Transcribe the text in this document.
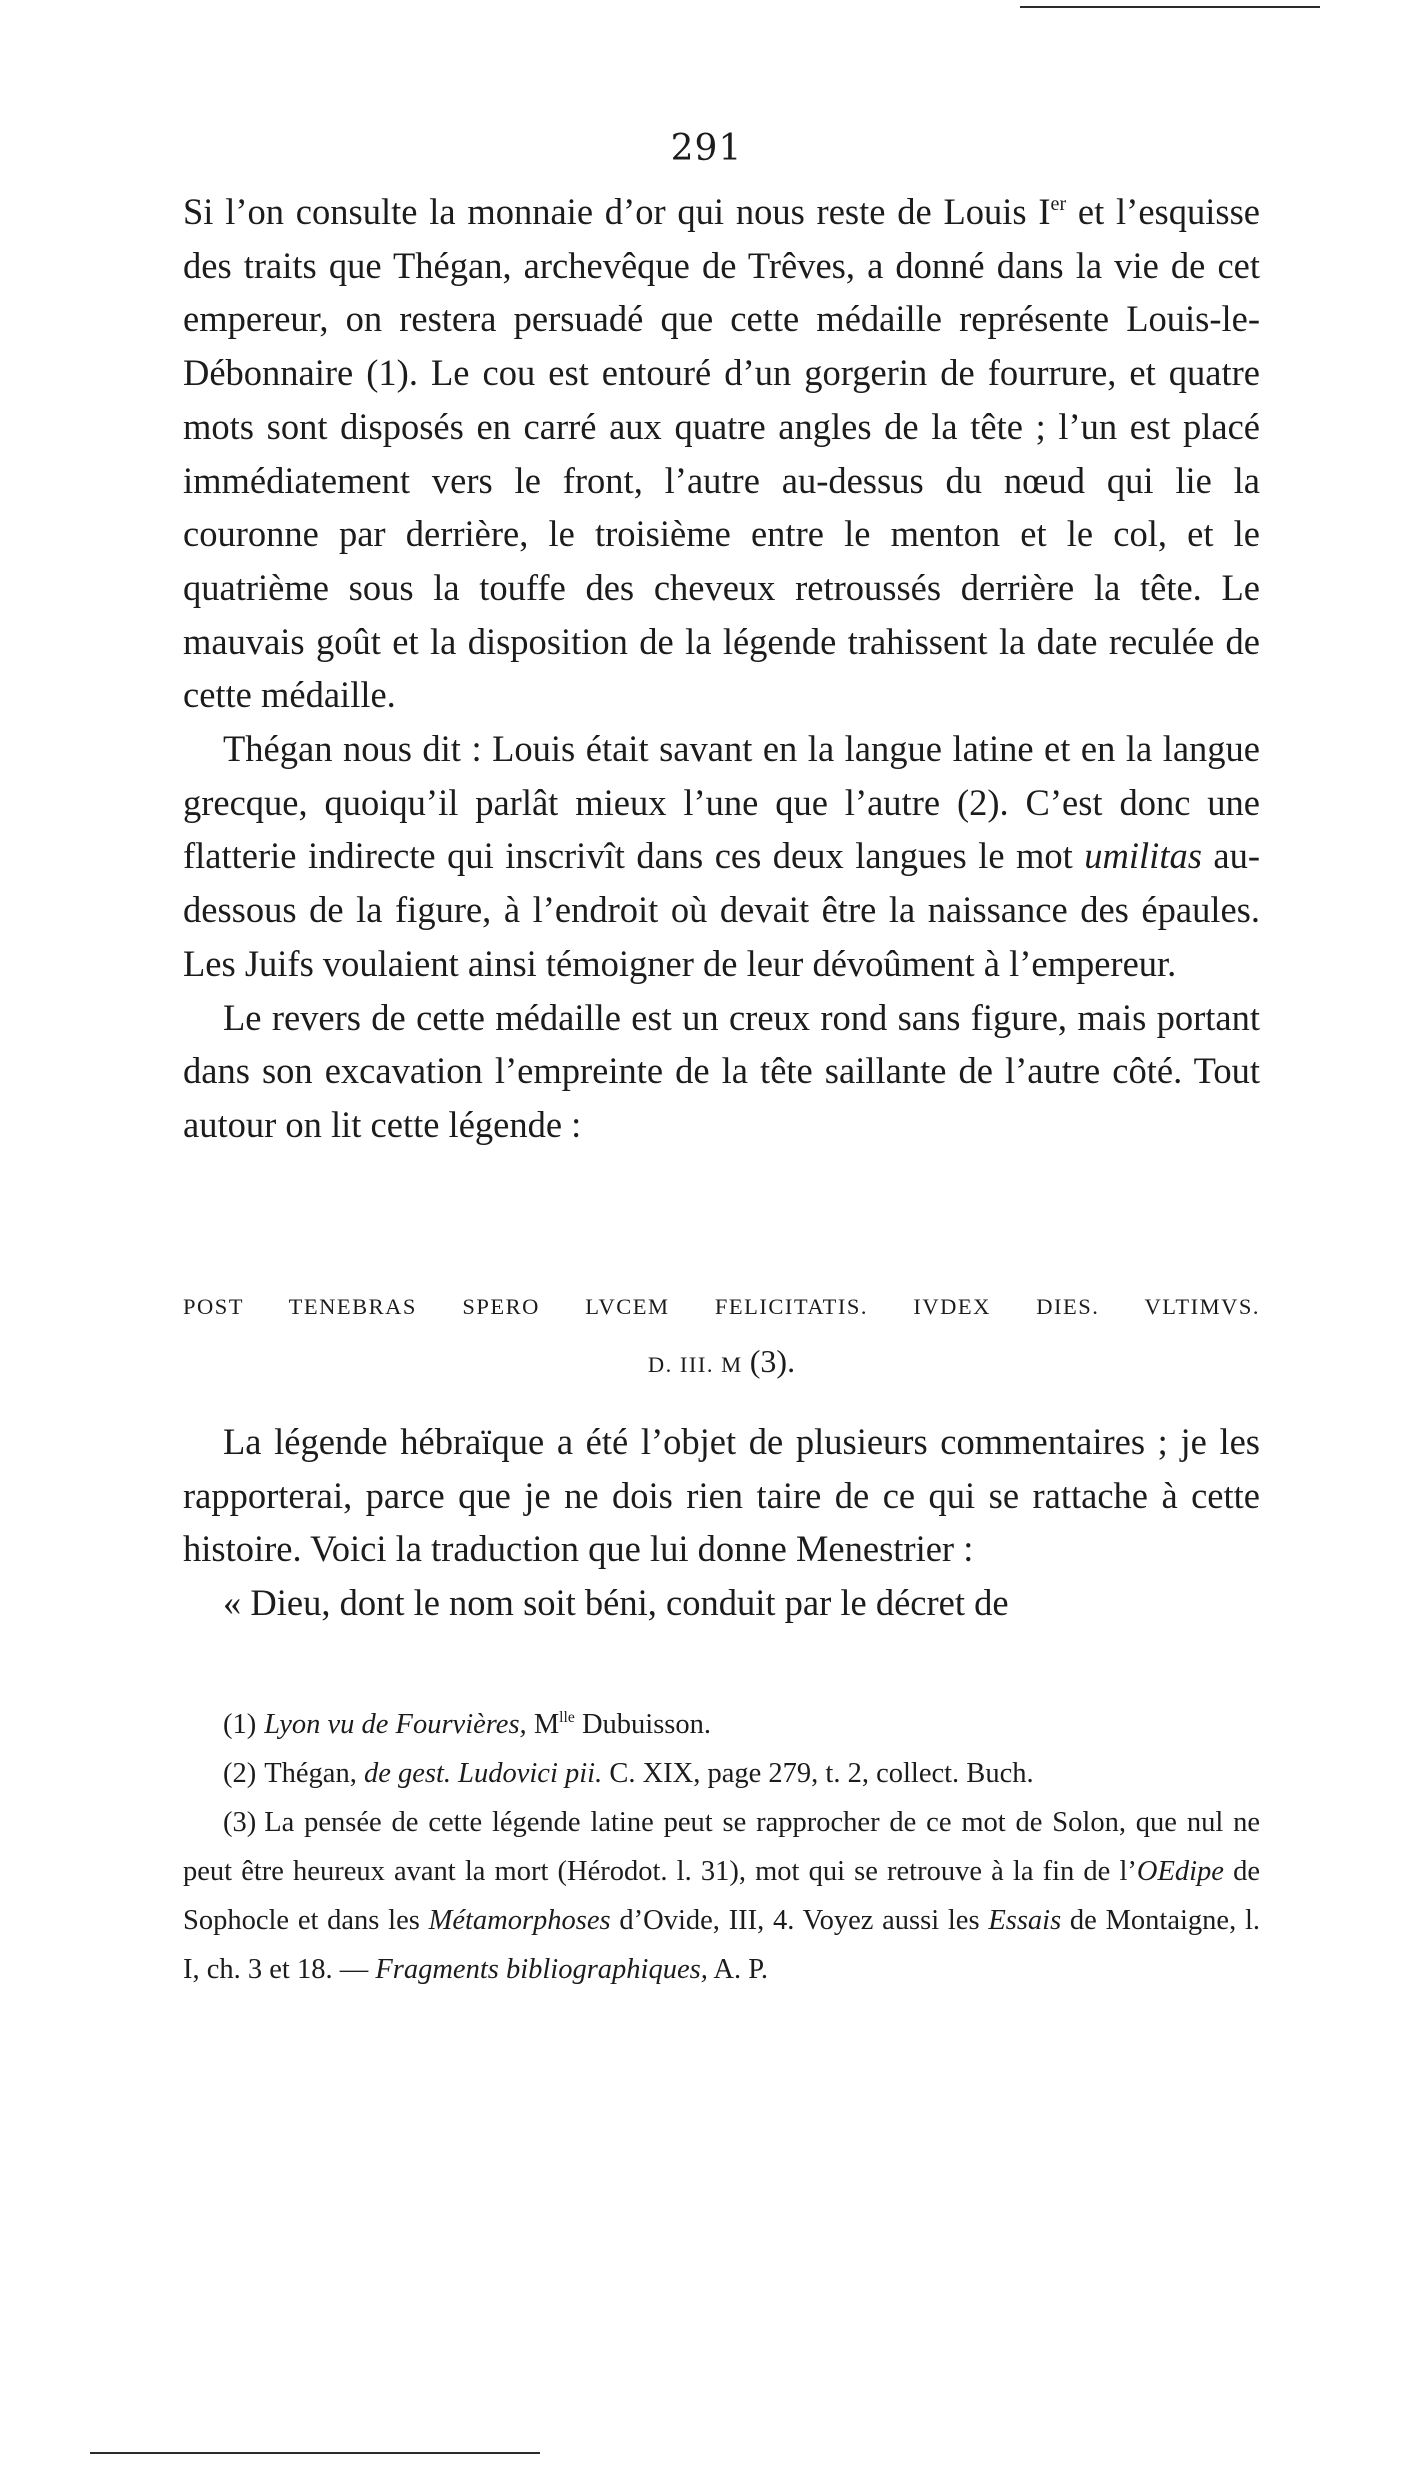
291

Si l’on consulte la monnaie d’or qui nous reste de Louis Ier et l’esquisse des traits que Thégan, archevêque de Trêves, a donné dans la vie de cet empereur, on restera persuadé que cette médaille représente Louis-le-Débonnaire (1). Le cou est entouré d’un gorgerin de fourrure, et quatre mots sont disposés en carré aux quatre angles de la tête ; l’un est placé immédiatement vers le front, l’autre au-dessus du nœud qui lie la couronne par derrière, le troisième entre le menton et le col, et le quatrième sous la touffe des cheveux retroussés derrière la tête. Le mauvais goût et la disposition de la légende trahissent la date reculée de cette médaille.

Thégan nous dit : Louis était savant en la langue latine et en la langue grecque, quoiqu’il parlât mieux l’une que l’autre (2). C’est donc une flatterie indirecte qui inscrivît dans ces deux langues le mot umilitas au-dessous de la figure, à l’endroit où devait être la naissance des épaules. Les Juifs voulaient ainsi témoigner de leur dévoûment à l’empereur.

Le revers de cette médaille est un creux rond sans figure, mais portant dans son excavation l’empreinte de la tête saillante de l’autre côté. Tout autour on lit cette légende :

POST TENEBRAS SPERO LVCEM FELICITATIS. IVDEX DIES. VLTIMVS.
D. III. M (3).

La légende hébraïque a été l’objet de plusieurs commentaires ; je les rapporterai, parce que je ne dois rien taire de ce qui se rattache à cette histoire. Voici la traduction que lui donne Menestrier :

« Dieu, dont le nom soit béni, conduit par le décret de

(1) Lyon vu de Fourvières, $M^{lle}$ Dubuisson.

(2) Thégan, de gest. Ludovici pii. C. XIX, page 279, t. 2, collect. Buch.

(3) La pensée de cette légende latine peut se rapprocher de ce mot de Solon, que nul ne peut être heureux avant la mort (Hérodot. l. 31), mot qui se retrouve à la fin de l’OEdipe de Sophocle et dans les Métamorphoses d’Ovide, III, 4. Voyez aussi les Essais de Montaigne, l. I, ch. 3 et 18. — Fragments bibliographiques, A. P.
